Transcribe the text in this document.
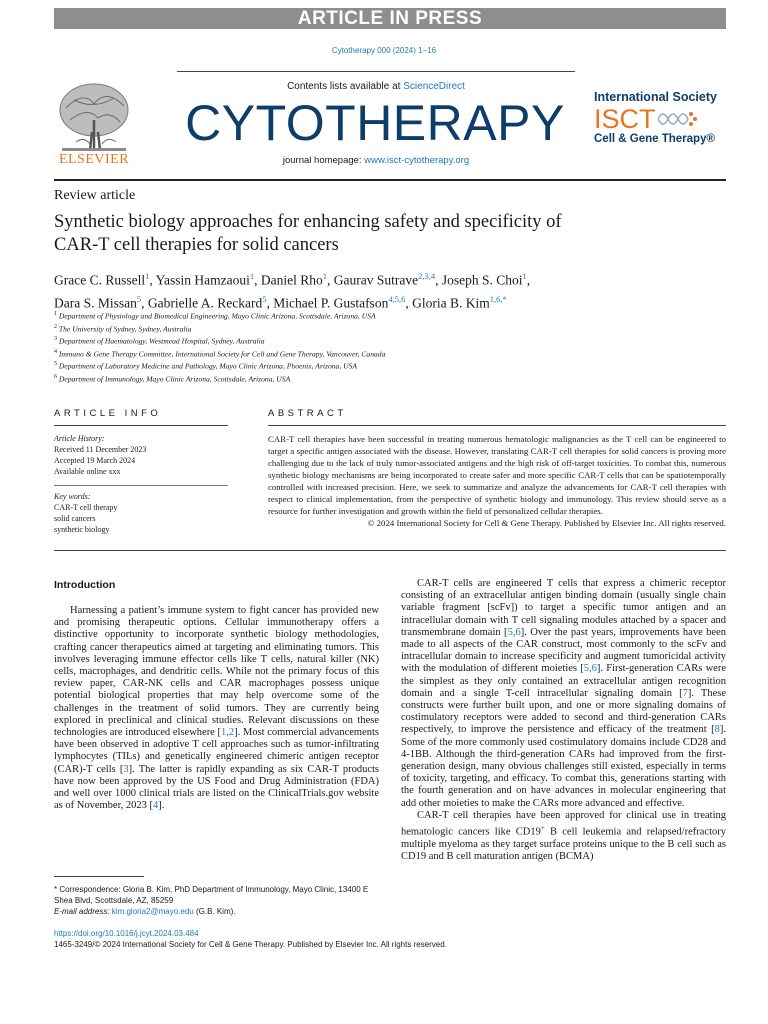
ARTICLE IN PRESS
Cytotherapy 000 (2024) 1−16
ELSEVIER
Contents lists available at ScienceDirect
CYTOTHERAPY
journal homepage: www.isct-cytotherapy.org
International Society
ISCT
Cell & Gene Therapy®
Review article
Synthetic biology approaches for enhancing safety and specificity of
CAR-T cell therapies for solid cancers
Grace C. Russell$^1$, Yassin Hamzaoui$^1$, Daniel Rho$^1$, Gaurav Sutrave$^{2,3,4}$, Joseph S. Choi$^1$,
Dara S. Missan$^5$, Gabrielle A. Reckard$^5$, Michael P. Gustafson$^{4,5,6}$, Gloria B. Kim$^{1,6,*}$
$^1$ Department of Physiology and Biomedical Engineering, Mayo Clinic Arizona, Scottsdale, Arizona, USA
$^2$ The University of Sydney, Sydney, Australia
$^3$ Department of Haematology, Westmead Hospital, Sydney, Australia
$^4$ Immuno & Gene Therapy Committee, International Society for Cell and Gene Therapy, Vancouver, Canada
$^5$ Department of Laboratory Medicine and Pathology, Mayo Clinic Arizona, Phoenix, Arizona, USA
$^6$ Department of Immunology, Mayo Clinic Arizona, Scottsdale, Arizona, USA
ARTICLE INFO	ABSTRACT
Article History:
Received 11 December 2023
Accepted 19 March 2024
Available online xxx
Key words:
CAR-T cell therapy
solid cancers
synthetic biology
CAR-T cell therapies have been successful in treating numerous hematologic malignancies as the T cell can be engineered to target a specific antigen associated with the disease. However, translating CAR-T cell therapies for solid cancers is proving more challenging due to the lack of truly tumor-associated antigens and the high risk of off-target toxicities. To combat this, numerous synthetic biology mechanisms are being incorporated to create safer and more specific CAR-T cells that can be spatiotemporally controlled with increased precision. Here, we seek to summarize and analyze the advancements for CAR-T cell therapies with respect to clinical implementation, from the perspective of synthetic biology and immunology. This review should serve as a resource for further investigation and growth within the field of personalized cellular therapies.
© 2024 International Society for Cell & Gene Therapy. Published by Elsevier Inc. All rights reserved.
Introduction

Harnessing a patient’s immune system to fight cancer has provided new and promising therapeutic options. Cellular immunotherapy offers a distinctive opportunity to incorporate synthetic biology methodologies, crafting cancer therapeutics aimed at targeting and eliminating tumors. This involves leveraging immune effector cells like T cells, natural killer (NK) cells, macrophages, and dendritic cells. While not the primary focus of this review paper, CAR-NK cells and CAR macrophages possess unique potential biological properties that may help overcome some of the challenges in the treatment of solid tumors. They are currently being explored in preclinical and clinical studies. Relevant discussions on these technologies are introduced elsewhere [1,2]. Most commercial advancements have been observed in adoptive T cell approaches such as tumor-infiltrating lymphocytes (TILs) and genetically engineered chimeric antigen receptor (CAR)-T cells [3]. The latter is rapidly expanding as six CAR-T products have now been approved by the US Food and Drug Administration (FDA) and well over 1000 clinical trials are listed on the ClinicalTrials.gov website as of November, 2023 [4].

CAR-T cells are engineered T cells that express a chimeric receptor consisting of an extracellular antigen binding domain (usually single chain variable fragment [scFv]) to target a specific tumor antigen and an intracellular domain with T cell signaling modules attached by a spacer and transmembrane domain [5,6]. Over the past years, improvements have been made to all aspects of the CAR construct, most commonly to the scFv and intracellular domain to increase specificity and augment tumoricidal activity with the modulation of different moieties [5,6]. First-generation CARs were the simplest as they only contained an extracellular antigen recognition domain and a single T-cell intracellular signaling domain [7]. These constructs were further built upon, and one or more signaling domains of costimulatory receptors were added to second and third-generation CARs respectively, to improve the persistence and efficacy of the treatment [8]. Some of the more commonly used costimulatory domains include CD28 and 4-1BB. Although the third-generation CARs had improved from the first-generation design, many obvious challenges still existed, especially in terms of toxicity, targeting, and efficacy. To combat this, generations starting with the fourth generation and on have advances in molecular engineering that add other moieties to make the CARs more advanced and effective.

CAR-T cell therapies have been approved for clinical use in treating hematologic cancers like CD19+ B cell leukemia and relapsed/refractory multiple myeloma as they target surface proteins unique to the B cell such as CD19 and B cell maturation antigen (BCMA)

* Correspondence: Gloria B. Kim, PhD Department of Immunology, Mayo Clinic, 13400 E Shea Blvd, Scottsdale, AZ, 85259
E-mail address: kim.gloria2@mayo.edu (G.B. Kim).
https://doi.org/10.1016/j.jcyt.2024.03.484
1465-3249/© 2024 International Society for Cell & Gene Therapy. Published by Elsevier Inc. All rights reserved.
